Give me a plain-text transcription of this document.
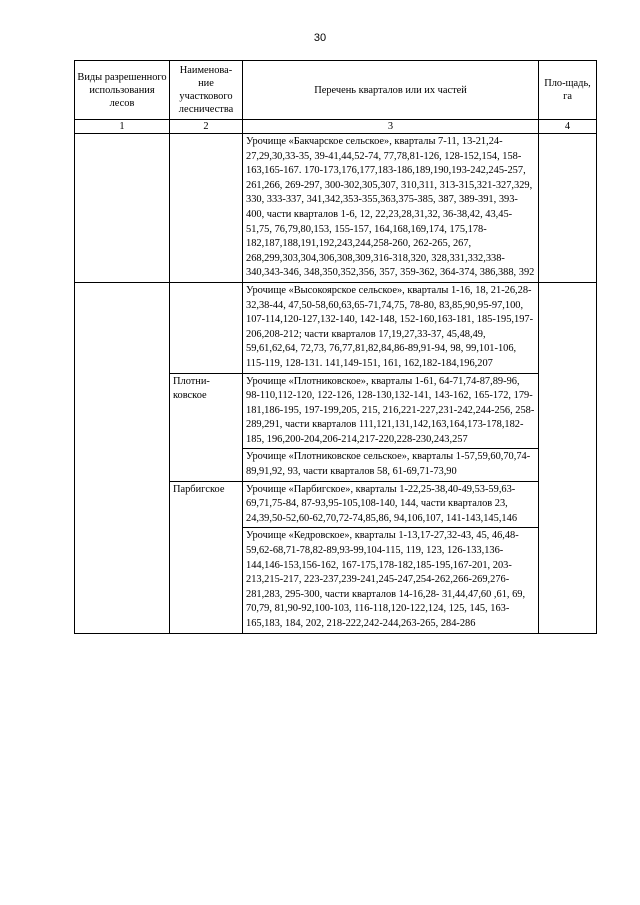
30
Виды разрешенного использования лесов	Наименова-ние участкового лесничества	Перечень кварталов или их частей	Пло-щадь, га
1	2	3	4
		Урочище «Бакчарское сельское», кварталы 7-11, 13-21,24-27,29,30,33-35, 39-41,44,52-74, 77,78,81-126, 128-152,154, 158-163,165-167. 170-173,176,177,183-186,189,190,193-242,245-257, 261,266, 269-297, 300-302,305,307, 310,311, 313-315,321-327,329, 330, 333-337, 341,342,353-355,363,375-385, 387, 389-391, 393-400, части кварталов 1-6, 12, 22,23,28,31,32, 36-38,42, 43,45-51,75, 76,79,80,153, 155-157, 164,168,169,174, 175,178-182,187,188,191,192,243,244,258-260, 262-265, 267, 268,299,303,304,306,308,309,316-318,320, 328,331,332,338-340,343-346, 348,350,352,356, 357, 359-362, 364-374, 386,388, 392	
		Урочище «Высокоярское сельское», кварталы 1-16, 18, 21-26,28-32,38-44, 47,50-58,60,63,65-71,74,75, 78-80, 83,85,90,95-97,100, 107-114,120-127,132-140, 142-148, 152-160,163-181, 185-195,197-206,208-212; части кварталов 17,19,27,33-37, 45,48,49, 59,61,62,64, 72,73, 76,77,81,82,84,86-89,91-94, 98, 99,101-106, 115-119, 128-131. 141,149-151, 161, 162,182-184,196,207	
	Плотни-ковское	Урочище «Плотниковское», кварталы 1-61, 64-71,74-87,89-96, 98-110,112-120, 122-126, 128-130,132-141, 143-162, 165-172, 179-181,186-195, 197-199,205, 215, 216,221-227,231-242,244-256, 258-289,291, части кварталов 111,121,131,142,163,164,173-178,182-185, 196,200-204,206-214,217-220,228-230,243,257	
		Урочище «Плотниковское сельское», кварталы 1-57,59,60,70,74-89,91,92, 93, части кварталов 58, 61-69,71-73,90	
	Парбигское	Урочище «Парбигское», кварталы 1-22,25-38,40-49,53-59,63-69,71,75-84, 87-93,95-105,108-140, 144, части кварталов 23, 24,39,50-52,60-62,70,72-74,85,86, 94,106,107, 141-143,145,146	
		Урочище «Кедровское», кварталы 1-13,17-27,32-43, 45, 46,48-59,62-68,71-78,82-89,93-99,104-115, 119, 123, 126-133,136-144,146-153,156-162, 167-175,178-182,185-195,167-201, 203-213,215-217, 223-237,239-241,245-247,254-262,266-269,276-281,283, 295-300, части кварталов 14-16,28- 31,44,47,60 ,61, 69, 70,79, 81,90-92,100-103, 116-118,120-122,124, 125, 145, 163-165,183, 184, 202, 218-222,242-244,263-265, 284-286	
